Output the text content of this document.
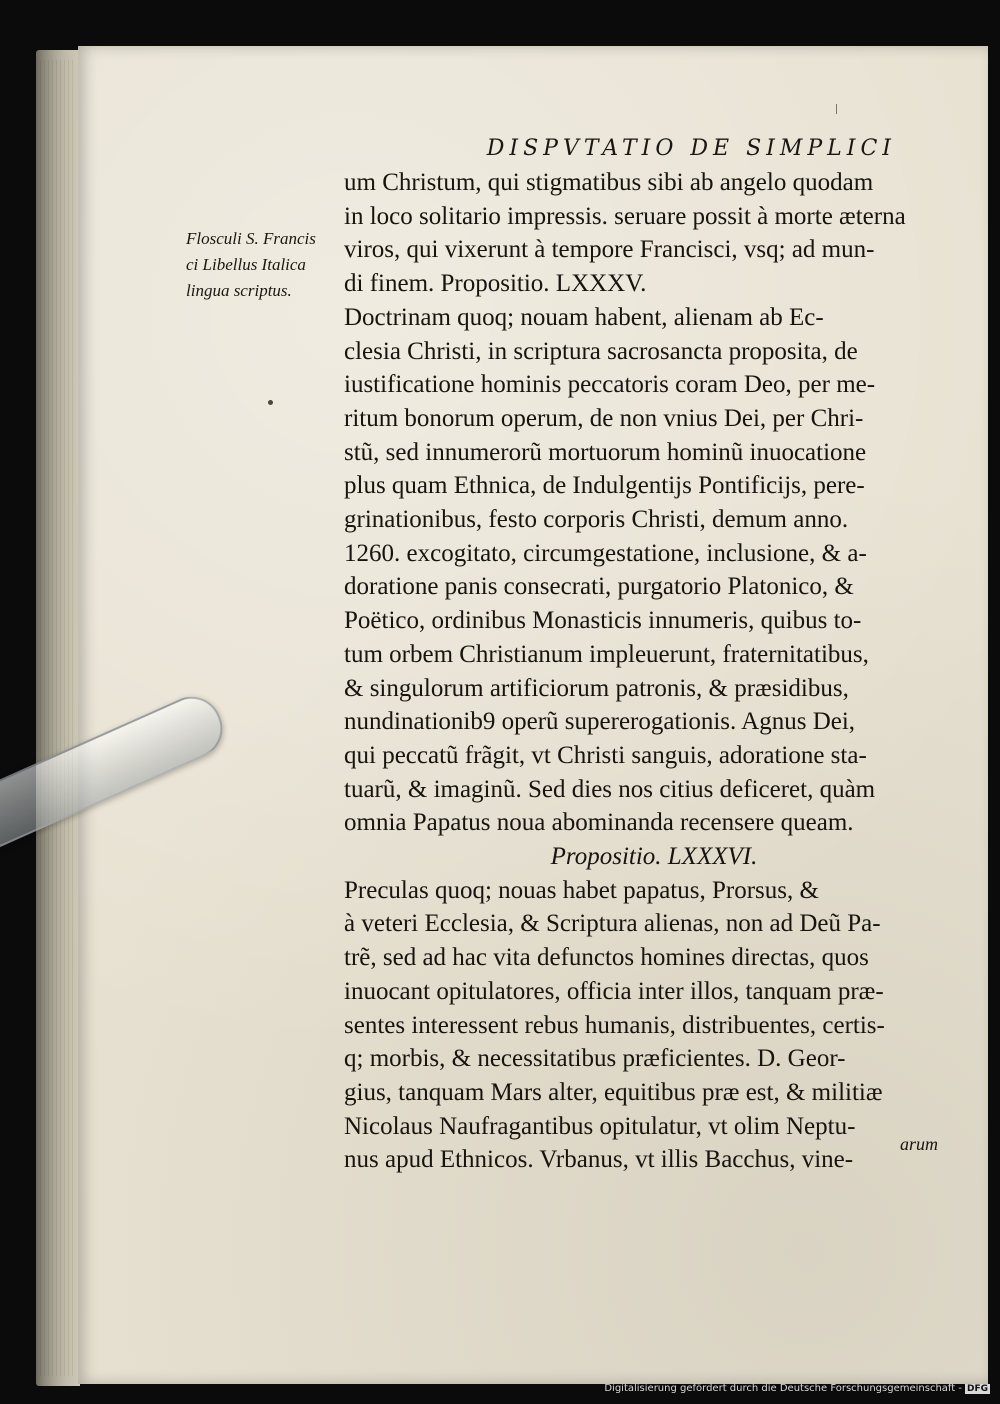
DISPVTATIO DE SIMPLICI
Flosculi S. Francis
ci Libellus Italica
lingua scriptus.
um Christum, qui stigmatibus sibi ab angelo quodam
in loco solitario impressis. seruare possit à morte æterna
viros, qui vixerunt à tempore Francisci, vsq; ad mun-
di finem. Propositio. LXXXV.
Doctrinam quoq; nouam habent, alienam ab Ec-
clesia Christi, in scriptura sacrosancta proposita, de
iustificatione hominis peccatoris coram Deo, per me-
ritum bonorum operum, de non vnius Dei, per Chri-
stũ, sed innumerorũ mortuorum hominũ inuocatione
plus quam Ethnica, de Indulgentijs Pontificijs, pere-
grinationibus, festo corporis Christi, demum anno.
1260. excogitato, circumgestatione, inclusione, & a-
doratione panis consecrati, purgatorio Platonico, &
Poëtico, ordinibus Monasticis innumeris, quibus to-
tum orbem Christianum impleuerunt, fraternitatibus,
& singulorum artificiorum patronis, & præsidibus,
nundinationib9 operũ supererogationis. Agnus Dei,
qui peccatũ frãgit, vt Christi sanguis, adoratione sta-
tuarũ, & imaginũ. Sed dies nos citius deficeret, quàm
omnia Papatus noua abominanda recensere queam.
Propositio. LXXXVI.
Preculas quoq; nouas habet papatus, Prorsus, &
à veteri Ecclesia, & Scriptura alienas, non ad Deũ Pa-
trẽ, sed ad hac vita defunctos homines directas, quos
inuocant opitulatores, officia inter illos, tanquam præ-
sentes interessent rebus humanis, distribuentes, certis-
q; morbis, & necessitatibus præficientes. D. Geor-
gius, tanquam Mars alter, equitibus præ est, & militiæ
Nicolaus Naufragantibus opitulatur, vt olim Neptu-
nus apud Ethnicos. Vrbanus, vt illis Bacchus, vine-
arum
Digitalisierung gefördert durch die Deutsche Forschungsgemeinschaft - DFG
